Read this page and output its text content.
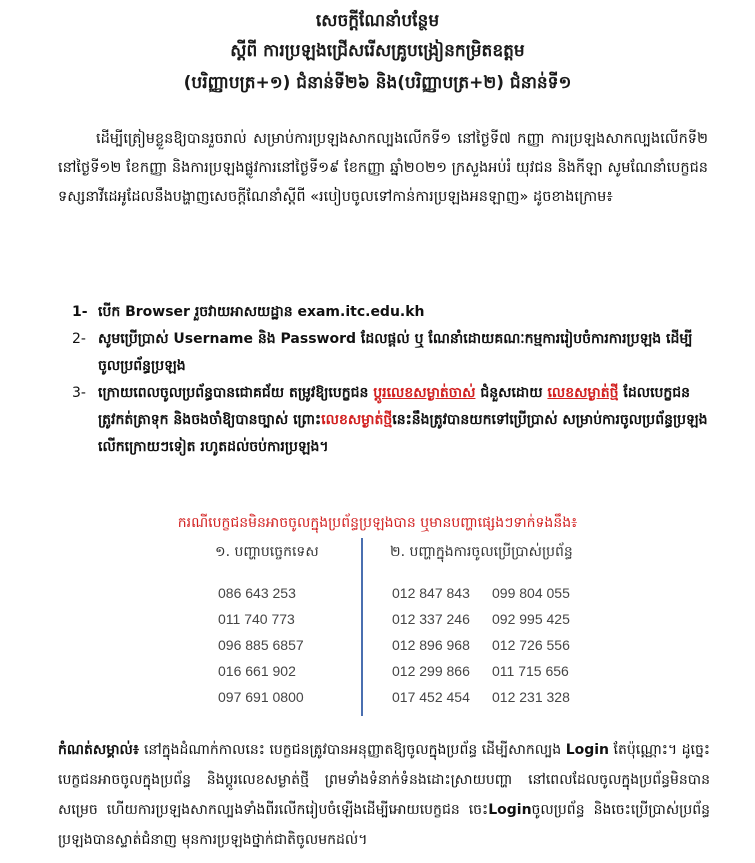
សេចក្ដីណែនាំបន្ថែម
ស្ដីពី ការប្រឡងជ្រើសរើសគ្រូបង្រៀនកម្រិតឧត្តម
(បរិញ្ញាបត្រ+១) ជំនាន់ទី២៦ និង(បរិញ្ញាបត្រ+២) ជំនាន់ទី១
ដើម្បីត្រៀមខ្លួនឱ្យបានរួចរាល់ សម្រាប់ការប្រឡងសាកល្បងលើកទី១ នៅថ្ងៃទី៧ កញ្ញា ការប្រឡងសាកល្បងលើកទី២ នៅថ្ងៃទី១២ ខែកញ្ញា និងការប្រឡងផ្លូវការនៅថ្ងៃទី១៩ ខែកញ្ញា ឆ្នាំ២០២១ ក្រសួងអប់រំ យុវជន និងកីឡា សូមណែនាំបេក្ខជនទស្សនាវីដេអូដែលនឹងបង្ហាញសេចក្ដីណែនាំស្ដីពី «របៀបចូលទៅកាន់ការប្រឡងអនឡាញ» ដូចខាងក្រោម៖
1- បើក Browser រួចវាយអាសយដ្ឋាន exam.itc.edu.kh
2- សូមប្រើប្រាស់ Username និង Password ដែលផ្ដល់ ឬ ណែនាំដោយគណៈកម្មការរៀបចំការការប្រឡង ដើម្បីចូលប្រព័ន្ធប្រឡង
3- ក្រោយពេលចូលប្រព័ន្ធបានជោគជ័យ តម្រូវឱ្យបេក្ខជន ប្ដូរលេខសម្ងាត់ចាស់ ជំនួសដោយ លេខសម្ងាត់ថ្មី ដែលបេក្ខជនត្រូវកត់ត្រាទុក និងចងចាំឱ្យបានច្បាស់ ព្រោះលេខសម្ងាត់ថ្មីនេះនឹងត្រូវបានយកទៅប្រើប្រាស់ សម្រាប់ការចូលប្រព័ន្ធប្រឡងលើកក្រោយៗទៀត រហូតដល់ចប់ការប្រឡង។
ករណីបេក្ខជនមិនអាចចូលក្នុងប្រព័ន្ធប្រឡងបាន ឬមានបញ្ហាផ្សេងៗទាក់ទងនឹង៖
១. បញ្ហាបច្ចេកទេស	២. បញ្ហាក្នុងការចូលប្រើប្រាស់ប្រព័ន្ធ
086 643 253
011 740 773
096 885 6857
016 661 902
097 691 0800
012 847 843
012 337 246
012 896 968
012 299 866
017 452 454
099 804 055
092 995 425
012 726 556
011 715 656
012 231 328
កំណត់សម្គាល់៖ នៅក្នុងដំណាក់កាលនេះ បេក្ខជនត្រូវបានអនុញ្ញាតឱ្យចូលក្នុងប្រព័ន្ធ ដើម្បីសាកល្បង Login តែប៉ុណ្ណោះ។ ដូច្នេះ បេក្ខជនអាចចូលក្នុងប្រព័ន្ធ និងប្ដូរលេខសម្ងាត់ថ្មី ព្រមទាំងទំនាក់ទំនងដោះស្រាយបញ្ហា នៅពេលដែលចូលក្នុងប្រព័ន្ធមិនបានសម្រេច ហើយការប្រឡងសាកល្បងទាំងពីរលើករៀបចំឡើងដើម្បីអោយបេក្ខជន ចេះLoginចូលប្រព័ន្ធ និងចេះប្រើប្រាស់ប្រព័ន្ធប្រឡងបានស្ទាត់ជំនាញ មុនការប្រឡងថ្នាក់ជាតិចូលមកដល់។
